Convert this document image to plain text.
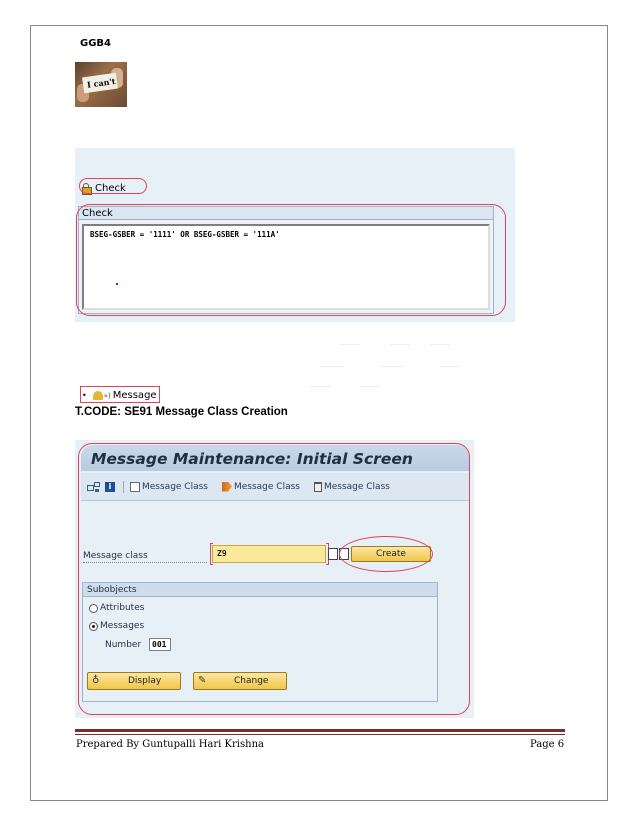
GGB4
I can't
Check
Check
BSEG-GSBER = '1111' OR BSEG-GSBER = '111A'
• ») Message
T.CODE: SE91 Message Class Creation
Message Maintenance: Initial Screen
i	Message Class	Message Class	Message Class
Message class	Z9	Create
Subobjects
Attributes
Messages
Number	001
♁	Display	✎	Change
Prepared By Guntupalli Hari Krishna	Page 6
